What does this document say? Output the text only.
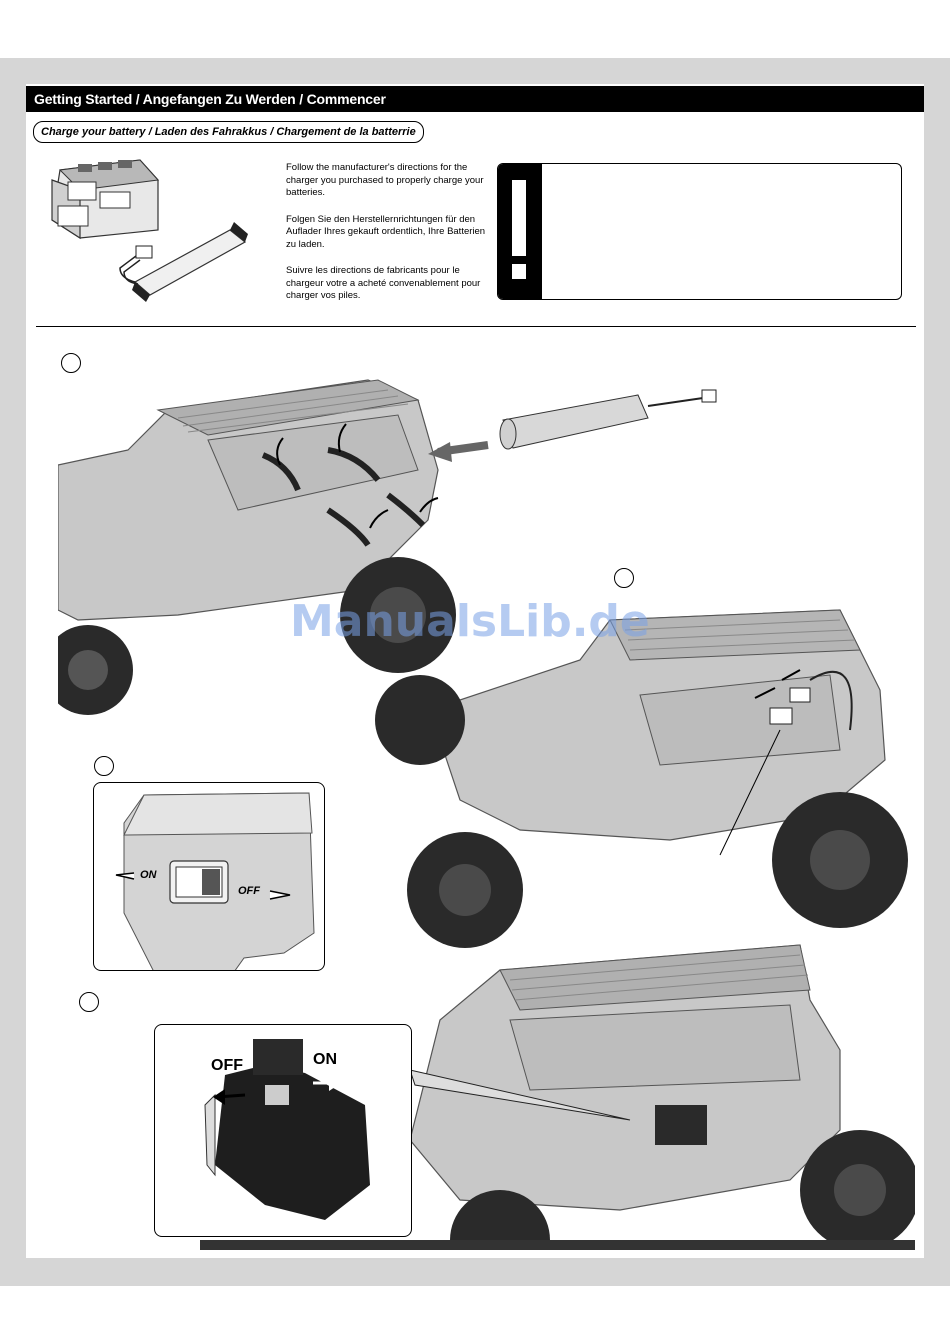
Getting Started / Angefangen Zu Werden / Commencer
Charge your battery / Laden des Fahrakkus / Chargement de la batterrie

Follow the manufacturer's directions for the charger you purchased to properly charge your batteries.

Folgen Sie den Herstellernrichtungen für den Auflader Ihres gekauft ordentlich, Ihre Batterien zu laden.

Suivre les directions de fabricants pour le chargeur votre a acheté convenablement pour charger vos piles.

ManualsLib.de
ON
OFF
OFF	ON
